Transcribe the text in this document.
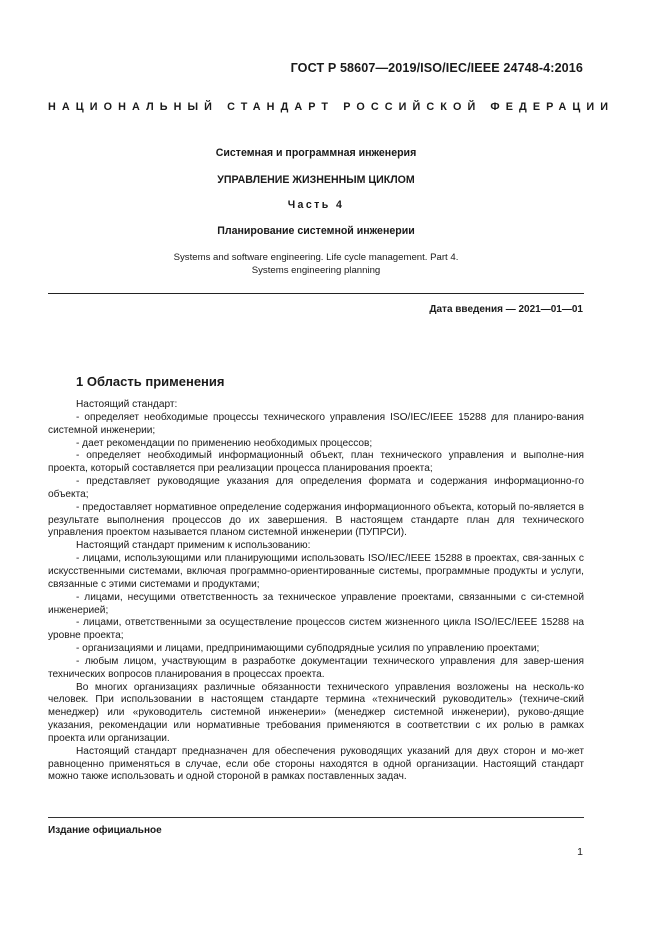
ГОСТ Р 58607—2019/ISO/IEC/IEEE 24748-4:2016
НАЦИОНАЛЬНЫЙ СТАНДАРТ РОССИЙСКОЙ ФЕДЕРАЦИИ
Системная и программная инженерия
УПРАВЛЕНИЕ ЖИЗНЕННЫМ ЦИКЛОМ
Часть 4
Планирование системной инженерии
Systems and software engineering. Life cycle management. Part 4.
Systems engineering planning
Дата введения — 2021—01—01
1 Область применения

Настоящий стандарт:

- определяет необходимые процессы технического управления ISO/IEC/IEEE 15288 для планиро-вания системной инженерии;

- дает рекомендации по применению необходимых процессов;

- определяет необходимый информационный объект, план технического управления и выполне-ния проекта, который составляется при реализации процесса планирования проекта;

- представляет руководящие указания для определения формата и содержания информационно-го объекта;

- предоставляет нормативное определение содержания информационного объекта, который по-является в результате выполнения процессов до их завершения. В настоящем стандарте план для технического управления проектом называется планом системной инженерии (ПУПРСИ).

Настоящий стандарт применим к использованию:

- лицами, использующими или планирующими использовать ISO/IEC/IEEE 15288 в проектах, свя-занных с искусственными системами, включая программно-ориентированные системы, программные продукты и услуги, связанные с этими системами и продуктами;

- лицами, несущими ответственность за техническое управление проектами, связанными с си-стемной инженерией;

- лицами, ответственными за осуществление процессов систем жизненного цикла ISO/IEC/IEEE 15288 на уровне проекта;

- организациями и лицами, предпринимающими субподрядные усилия по управлению проектами;

- любым лицом, участвующим в разработке документации технического управления для завер-шения технических вопросов планирования в процессах проекта.

Во многих организациях различные обязанности технического управления возложены на несколь-ко человек. При использовании в настоящем стандарте термина «технический руководитель» (техниче-ский менеджер) или «руководитель системной инженерии» (менеджер системной инженерии), руково-дящие указания, рекомендации или нормативные требования применяются в соответствии с их ролью в рамках проекта или организации.

Настоящий стандарт предназначен для обеспечения руководящих указаний для двух сторон и мо-жет равноценно применяться в случае, если обе стороны находятся в одной организации. Настоящий стандарт можно также использовать и одной стороной в рамках поставленных задач.

Издание официальное
1
